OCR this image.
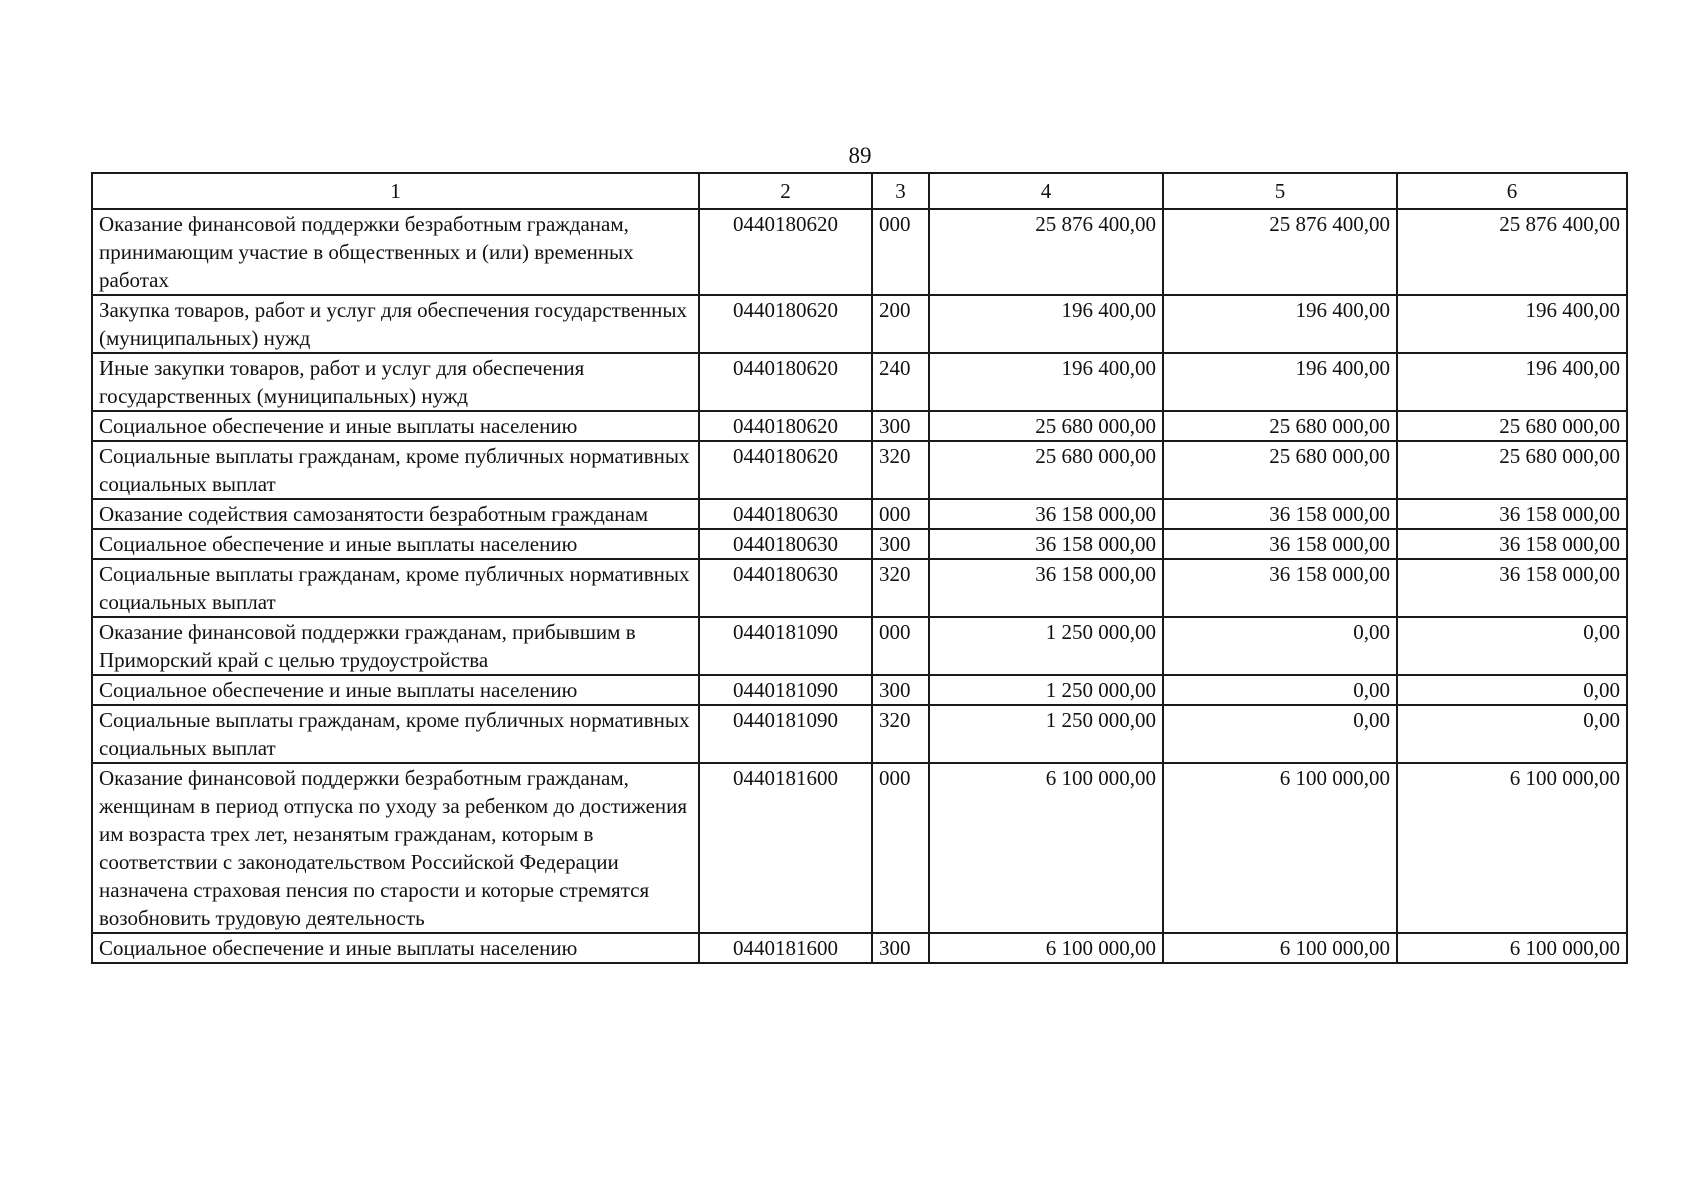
89
1	2	3	4	5	6
Оказание финансовой поддержки безработным гражданам, принимающим участие в общественных и (или) временных работах	0440180620	000	25 876 400,00	25 876 400,00	25 876 400,00
Закупка товаров, работ и услуг для обеспечения государственных (муниципальных) нужд	0440180620	200	196 400,00	196 400,00	196 400,00
Иные закупки товаров, работ и услуг для обеспечения государственных (муниципальных) нужд	0440180620	240	196 400,00	196 400,00	196 400,00
Социальное обеспечение и иные выплаты населению	0440180620	300	25 680 000,00	25 680 000,00	25 680 000,00
Социальные выплаты гражданам, кроме публичных нормативных социальных выплат	0440180620	320	25 680 000,00	25 680 000,00	25 680 000,00
Оказание содействия самозанятости безработным гражданам	0440180630	000	36 158 000,00	36 158 000,00	36 158 000,00
Социальное обеспечение и иные выплаты населению	0440180630	300	36 158 000,00	36 158 000,00	36 158 000,00
Социальные выплаты гражданам, кроме публичных нормативных социальных выплат	0440180630	320	36 158 000,00	36 158 000,00	36 158 000,00
Оказание финансовой поддержки гражданам, прибывшим в Приморский край с целью трудоустройства	0440181090	000	1 250 000,00	0,00	0,00
Социальное обеспечение и иные выплаты населению	0440181090	300	1 250 000,00	0,00	0,00
Социальные выплаты гражданам, кроме публичных нормативных социальных выплат	0440181090	320	1 250 000,00	0,00	0,00
Оказание финансовой поддержки безработным гражданам, женщинам в период отпуска по уходу за ребенком до достижения им возраста трех лет, незанятым гражданам, которым в соответствии с законодательством Российской Федерации назначена страховая пенсия по старости и которые стремятся возобновить трудовую деятельность	0440181600	000	6 100 000,00	6 100 000,00	6 100 000,00
Социальное обеспечение и иные выплаты населению	0440181600	300	6 100 000,00	6 100 000,00	6 100 000,00
